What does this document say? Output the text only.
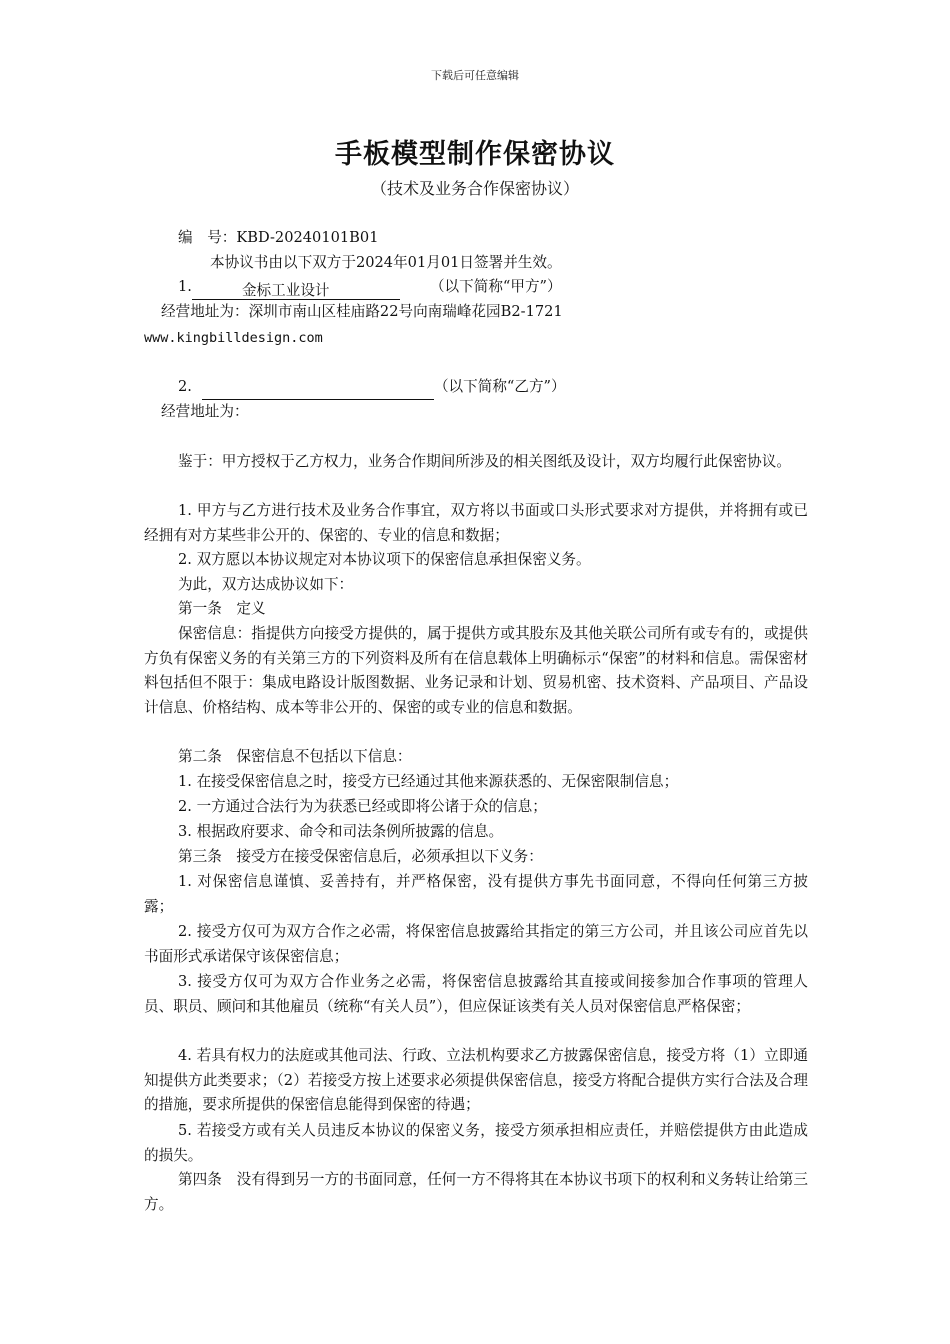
下载后可任意编辑
手板模型制作保密协议
（技术及业务合作保密协议）
编　号：KBD-20240101B01
本协议书由以下双方于2024年01月01日签署并生效。
1.	金标工业设计	（以下简称“甲方”）
经营地址为：深圳市南山区桂庙路22号向南瑞峰花园B2-1721
www.kingbilldesign.com
2.	（以下简称“乙方”）
经营地址为：
鉴于：甲方授权于乙方权力，业务合作期间所涉及的相关图纸及设计，双方均履行此保密协议。
1. 甲方与乙方进行技术及业务合作事宜，双方将以书面或口头形式要求对方提供，并将拥有或已经拥有对方某些非公开的、保密的、专业的信息和数据；
2. 双方愿以本协议规定对本协议项下的保密信息承担保密义务。
为此，双方达成协议如下：
第一条　定义
保密信息：指提供方向接受方提供的，属于提供方或其股东及其他关联公司所有或专有的，或提供方负有保密义务的有关第三方的下列资料及所有在信息载体上明确标示“保密”的材料和信息。需保密材料包括但不限于：集成电路设计版图数据、业务记录和计划、贸易机密、技术资料、产品项目、产品设计信息、价格结构、成本等非公开的、保密的或专业的信息和数据。
第二条　保密信息不包括以下信息：
1. 在接受保密信息之时，接受方已经通过其他来源获悉的、无保密限制信息；
2. 一方通过合法行为为获悉已经或即将公诸于众的信息；
3. 根据政府要求、命令和司法条例所披露的信息。
第三条　接受方在接受保密信息后，必须承担以下义务：
1. 对保密信息谨慎、妥善持有，并严格保密，没有提供方事先书面同意，不得向任何第三方披露；
2. 接受方仅可为双方合作之必需，将保密信息披露给其指定的第三方公司，并且该公司应首先以书面形式承诺保守该保密信息；
3. 接受方仅可为双方合作业务之必需，将保密信息披露给其直接或间接参加合作事项的管理人员、职员、顾问和其他雇员（统称“有关人员”），但应保证该类有关人员对保密信息严格保密；
4. 若具有权力的法庭或其他司法、行政、立法机构要求乙方披露保密信息，接受方将（1）立即通知提供方此类要求；（2）若接受方按上述要求必须提供保密信息，接受方将配合提供方实行合法及合理的措施，要求所提供的保密信息能得到保密的待遇；
5. 若接受方或有关人员违反本协议的保密义务，接受方须承担相应责任，并赔偿提供方由此造成的损失。
第四条　没有得到另一方的书面同意，任何一方不得将其在本协议书项下的权利和义务转让给第三方。
